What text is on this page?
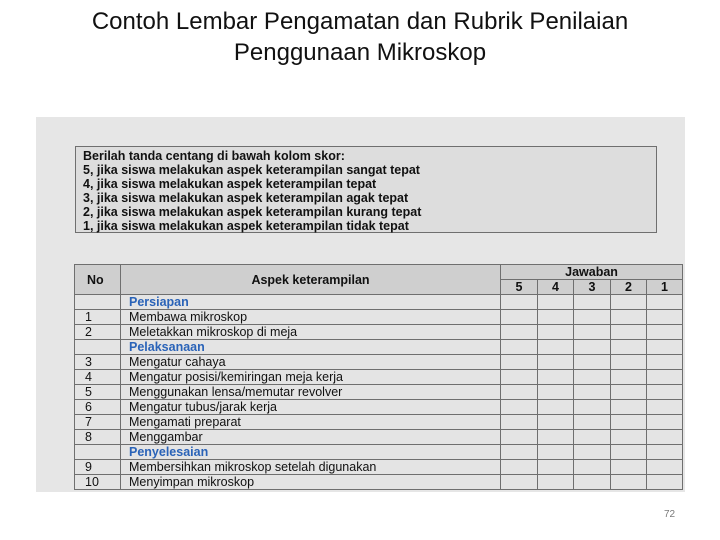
Contoh Lembar Pengamatan dan Rubrik Penilaian
Penggunaan Mikroskop
Berilah tanda centang di bawah kolom skor:
5, jika siswa melakukan aspek keterampilan sangat tepat
4, jika siswa melakukan aspek keterampilan tepat
3, jika siswa melakukan aspek keterampilan agak tepat
2, jika siswa melakukan aspek keterampilan kurang tepat
1, jika siswa melakukan aspek keterampilan tidak tepat
No	Aspek keterampilan	Jawaban				
		5	4	3	2	1
	Persiapan					
1	Membawa mikroskop					
2	Meletakkan mikroskop di meja					
	Pelaksanaan					
3	Mengatur cahaya					
4	Mengatur posisi/kemiringan meja kerja					
5	Menggunakan lensa/memutar revolver					
6	Mengatur tubus/jarak kerja					
7	Mengamati preparat					
8	Menggambar					
	Penyelesaian					
9	Membersihkan mikroskop setelah digunakan					
10	Menyimpan mikroskop					
72
